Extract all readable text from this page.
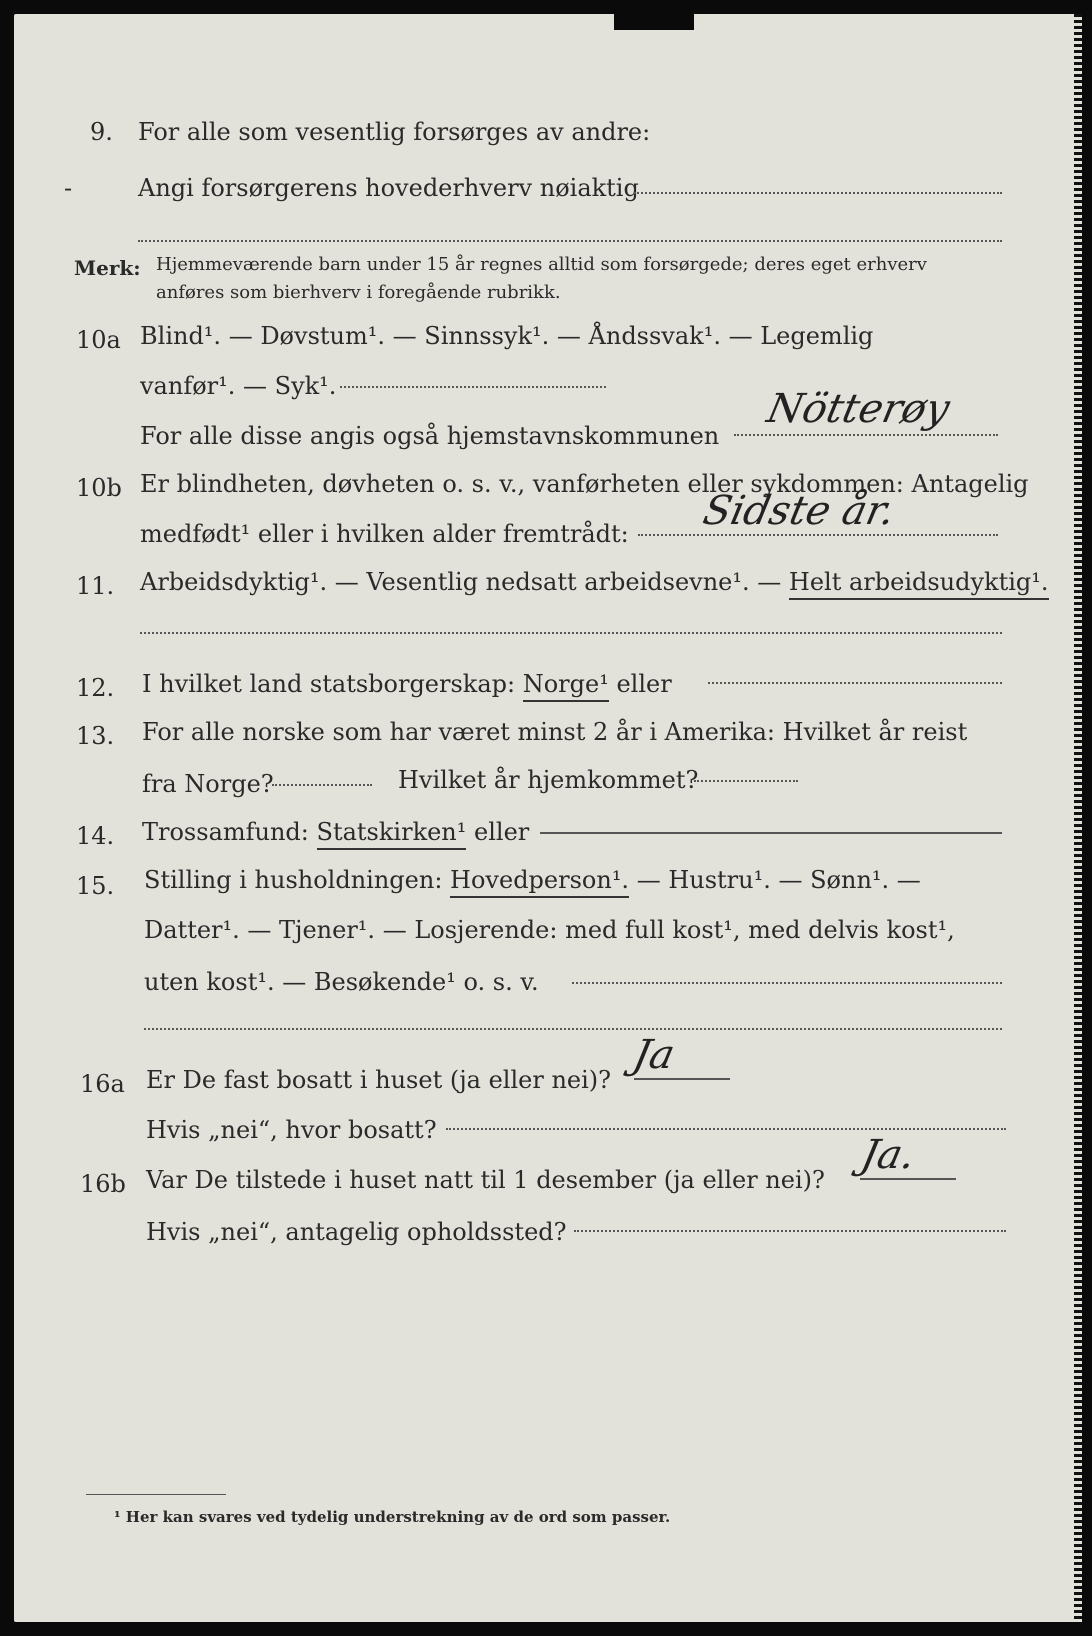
9. For alle som vesentlig forsørges av andre:
-	Angi forsørgerens hovederhverv nøiaktig
Merk: Hjemmeværende barn under 15 år regnes alltid som forsørgede; deres eget erhverv
anføres som bierhverv i foregående rubrikk.
10a Blind¹. — Døvstum¹. — Sinnssyk¹. — Åndssvak¹. — Legemlig
vanfør¹. — Syk¹.
For alle disse angis også hjemstavnskommunen
Nötterøy
10b Er blindheten, døvheten o. s. v., vanførheten eller sykdommen: Antagelig
medfødt¹ eller i hvilken alder fremtrådt: Sidste år.
11. Arbeidsdyktig¹. — Vesentlig nedsatt arbeidsevne¹. — Helt arbeidsudyktig¹.
12. I hvilket land statsborgerskap: Norge¹ eller
13. For alle norske som har været minst 2 år i Amerika: Hvilket år reist
fra Norge?	Hvilket år hjemkommet?
14. Trossamfund: Statskirken¹ eller
15. Stilling i husholdningen: Hovedperson¹. — Hustru¹. — Sønn¹. —
Datter¹. — Tjener¹. — Losjerende: med full kost¹, med delvis kost¹,
uten kost¹. — Besøkende¹ o. s. v.
16a Er De fast bosatt i huset (ja eller nei)?
Ja
Hvis „nei“, hvor bosatt?
16b Var De tilstede i huset natt til 1 desember (ja eller nei)?
Ja.
Hvis „nei“, antagelig opholdssted?
¹ Her kan svares ved tydelig understrekning av de ord som passer.
